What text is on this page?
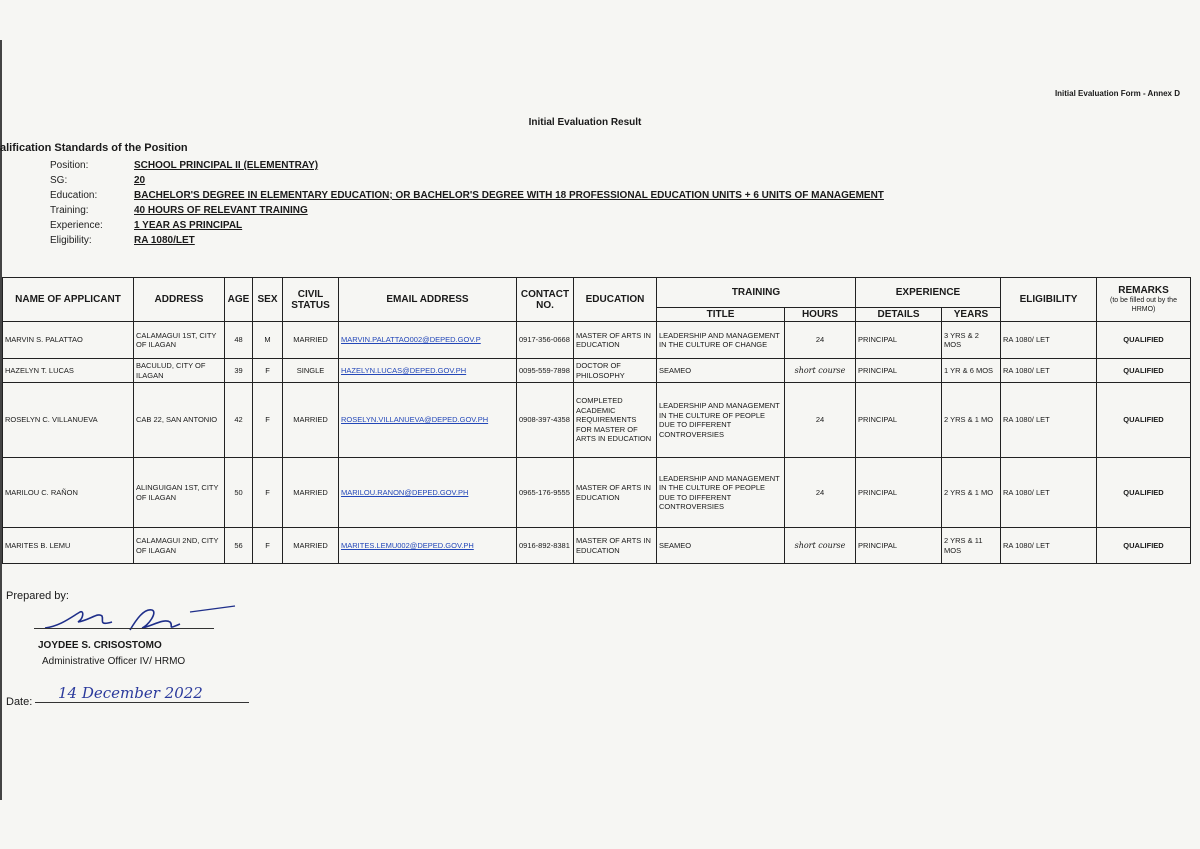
Initial Evaluation Form - Annex D
Initial Evaluation Result
alification Standards of the Position
Position:	SCHOOL PRINCIPAL II (ELEMENTRAY)
SG:	20
Education:	BACHELOR'S DEGREE IN ELEMENTARY EDUCATION; OR BACHELOR'S DEGREE WITH 18 PROFESSIONAL EDUCATION UNITS + 6 UNITS OF MANAGEMENT
Training:	40 HOURS OF RELEVANT TRAINING
Experience:	1 YEAR AS PRINCIPAL
Eligibility:	RA 1080/LET
NAME OF APPLICANT	ADDRESS	AGE	SEX	CIVIL STATUS	EMAIL ADDRESS	CONTACT NO.	EDUCATION	TRAINING		EXPERIENCE		ELIGIBILITY	REMARKS
(to be filled out by the HRMO)

								TITLE	HOURS	DETAILS	YEARS		
MARVIN S. PALATTAO	CALAMAGUI 1ST, CITY OF ILAGAN	48	M	MARRIED	MARVIN.PALATTAO002@DEPED.GOV.P	0917-356-0668	MASTER OF ARTS IN EDUCATION	LEADERSHIP AND MANAGEMENT IN THE CULTURE OF CHANGE	24	PRINCIPAL	3 YRS & 2 MOS	RA 1080/ LET	QUALIFIED
HAZELYN T. LUCAS	BACULUD, CITY OF ILAGAN	39	F	SINGLE	HAZELYN.LUCAS@DEPED.GOV.PH	0095-559-7898	DOCTOR OF PHILOSOPHY	SEAMEO	short course	PRINCIPAL	1 YR & 6 MOS	RA 1080/ LET	QUALIFIED
ROSELYN C. VILLANUEVA	CAB 22, SAN ANTONIO	42	F	MARRIED	ROSELYN.VILLANUEVA@DEPED.GOV.PH	0908-397-4358	COMPLETED ACADEMIC REQUIREMENTS FOR MASTER OF ARTS IN EDUCATION	LEADERSHIP AND MANAGEMENT IN THE CULTURE OF PEOPLE DUE TO DIFFERENT CONTROVERSIES	24	PRINCIPAL	2 YRS & 1 MO	RA 1080/ LET	QUALIFIED
MARILOU C. RAÑON	ALINGUIGAN 1ST, CITY OF ILAGAN	50	F	MARRIED	MARILOU.RANON@DEPED.GOV.PH	0965-176-9555	MASTER OF ARTS IN EDUCATION	LEADERSHIP AND MANAGEMENT IN THE CULTURE OF PEOPLE DUE TO DIFFERENT CONTROVERSIES	24	PRINCIPAL	2 YRS & 1 MO	RA 1080/ LET	QUALIFIED
MARITES B. LEMU	CALAMAGUI 2ND, CITY OF ILAGAN	56	F	MARRIED	MARITES.LEMU002@DEPED.GOV.PH	0916-892-8381	MASTER OF ARTS IN EDUCATION	SEAMEO	short course	PRINCIPAL	2 YRS & 11 MOS	RA 1080/ LET	QUALIFIED
Prepared by:
JOYDEE S. CRISOSTOMO
Administrative Officer IV/ HRMO
Date: 14 December 2022
